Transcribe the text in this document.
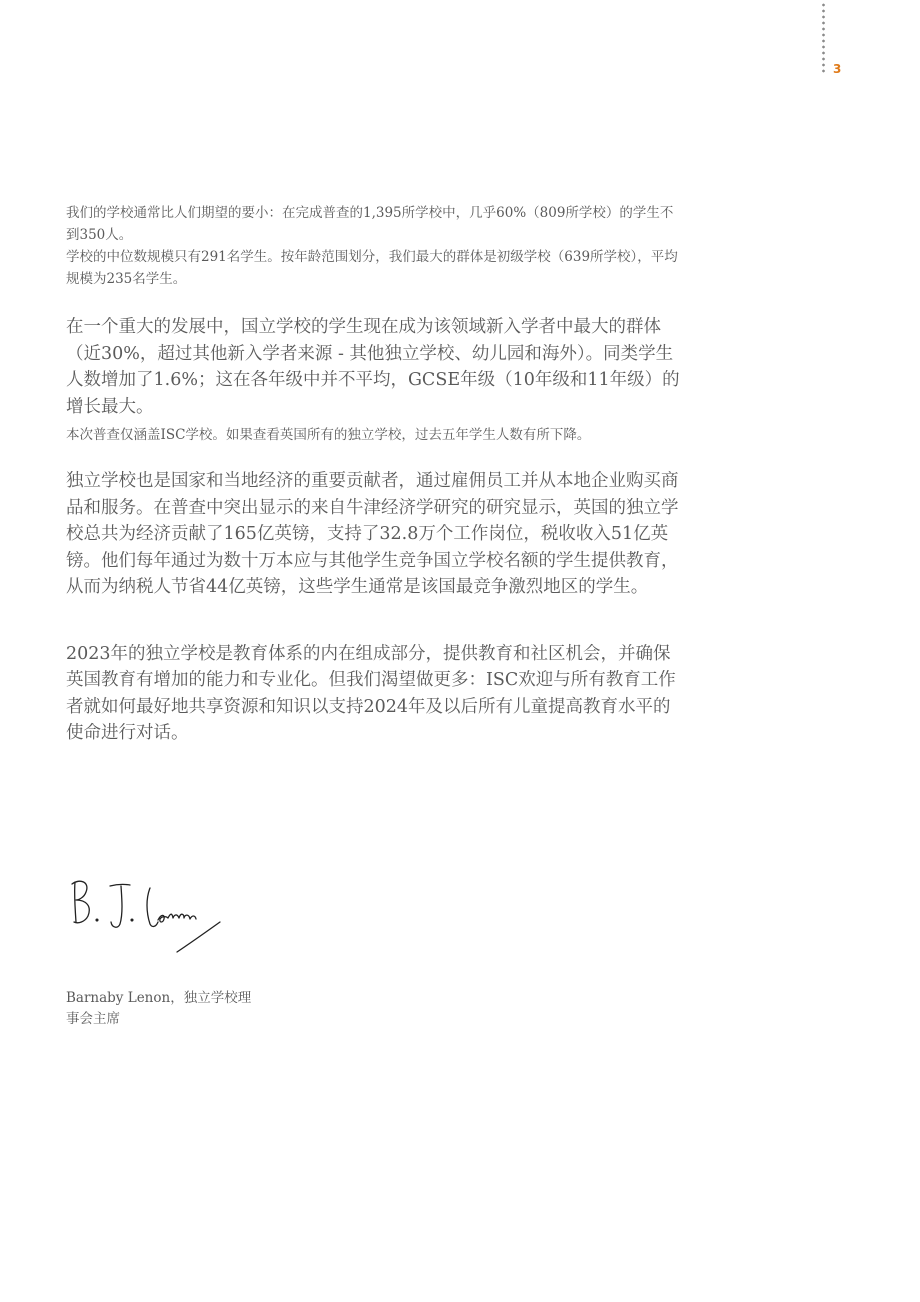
3

我们的学校通常比人们期望的要小：在完成普查的1,395所学校中，几乎60%（809所学校）的学生不到350人。

学校的中位数规模只有291名学生。按年龄范围划分，我们最大的群体是初级学校（639所学校），平均规模为235名学生。

在一个重大的发展中，国立学校的学生现在成为该领域新入学者中最大的群体（近30%，超过其他新入学者来源 - 其他独立学校、幼儿园和海外）。同类学生人数增加了1.6%；这在各年级中并不平均，GCSE年级（10年级和11年级）的增长最大。

本次普查仅涵盖ISC学校。如果查看英国所有的独立学校，过去五年学生人数有所下降。

独立学校也是国家和当地经济的重要贡献者，通过雇佣员工并从本地企业购买商品和服务。在普查中突出显示的来自牛津经济学研究的研究显示，英国的独立学校总共为经济贡献了165亿英镑，支持了32.8万个工作岗位，税收收入51亿英镑。他们每年通过为数十万本应与其他学生竞争国立学校名额的学生提供教育，从而为纳税人节省44亿英镑，这些学生通常是该国最竞争激烈地区的学生。

2023年的独立学校是教育体系的内在组成部分，提供教育和社区机会，并确保英国教育有增加的能力和专业化。但我们渴望做更多：ISC欢迎与所有教育工作者就如何最好地共享资源和知识以支持2024年及以后所有儿童提高教育水平的使命进行对话。

Barnaby Lenon，独立学校理
事会主席
